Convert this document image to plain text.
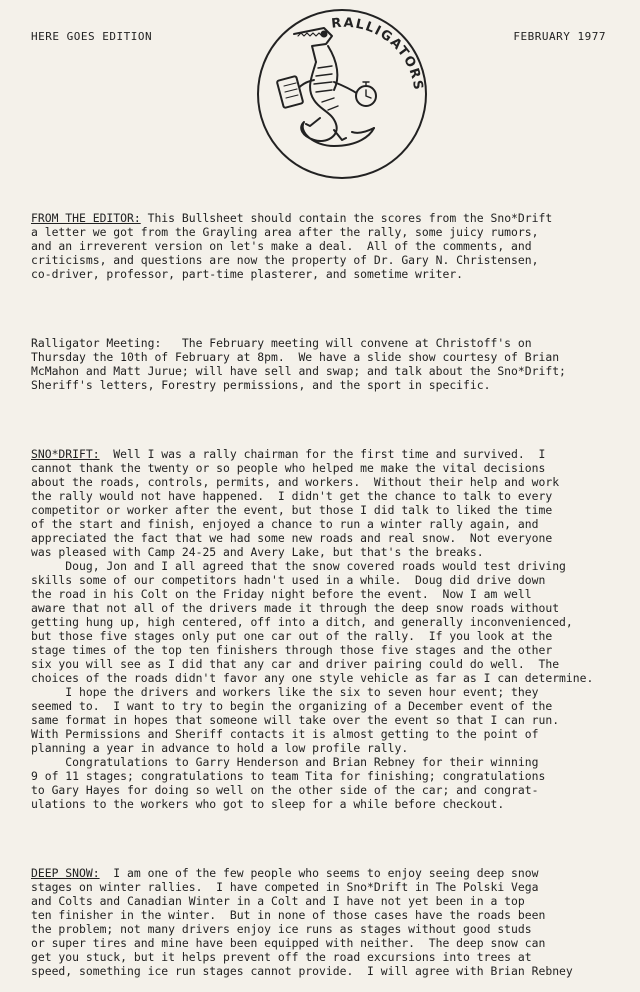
HERE GOES EDITION	FEBRUARY 1977
RALLIGATORS

FROM THE EDITOR: This Bullsheet should contain the scores from the Sno*Drift
a letter we got from the Grayling area after the rally, some juicy rumors,
and an irreverent version on let's make a deal.  All of the comments, and
criticisms, and questions are now the property of Dr. Gary N. Christensen,
co-driver, professor, part-time plasterer, and sometime writer.

Ralligator Meeting:   The February meeting will convene at Christoff's on
Thursday the 10th of February at 8pm.  We have a slide show courtesy of Brian
McMahon and Matt Jurue; will have sell and swap; and talk about the Sno*Drift;
Sheriff's letters, Forestry permissions, and the sport in specific.

SNO*DRIFT:  Well I was a rally chairman for the first time and survived.  I
cannot thank the twenty or so people who helped me make the vital decisions
about the roads, controls, permits, and workers.  Without their help and work
the rally would not have happened.  I didn't get the chance to talk to every
competitor or worker after the event, but those I did talk to liked the time
of the start and finish, enjoyed a chance to run a winter rally again, and
appreciated the fact that we had some new roads and real snow.  Not everyone
was pleased with Camp 24-25 and Avery Lake, but that's the breaks.
Doug, Jon and I all agreed that the snow covered roads would test driving
skills some of our competitors hadn't used in a while.  Doug did drive down
the road in his Colt on the Friday night before the event.  Now I am well
aware that not all of the drivers made it through the deep snow roads without
getting hung up, high centered, off into a ditch, and generally inconvenienced,
but those five stages only put one car out of the rally.  If you look at the
stage times of the top ten finishers through those five stages and the other
six you will see as I did that any car and driver pairing could do well.  The
choices of the roads didn't favor any one style vehicle as far as I can determine.
I hope the drivers and workers like the six to seven hour event; they
seemed to.  I want to try to begin the organizing of a December event of the
same format in hopes that someone will take over the event so that I can run.
With Permissions and Sheriff contacts it is almost getting to the point of
planning a year in advance to hold a low profile rally.
Congratulations to Garry Henderson and Brian Rebney for their winning
9 of 11 stages; congratulations to team Tita for finishing; congratulations
to Gary Hayes for doing so well on the other side of the car; and congrat-
ulations to the workers who got to sleep for a while before checkout.

DEEP SNOW:  I am one of the few people who seems to enjoy seeing deep snow
stages on winter rallies.  I have competed in Sno*Drift in The Polski Vega
and Colts and Canadian Winter in a Colt and I have not yet been in a top
ten finisher in the winter.  But in none of those cases have the roads been
the problem; not many drivers enjoy ice runs as stages without good studs
or super tires and mine have been equipped with neither.  The deep snow can
get you stuck, but it helps prevent off the road excursions into trees at
speed, something ice run stages cannot provide.  I will agree with Brian Rebney
